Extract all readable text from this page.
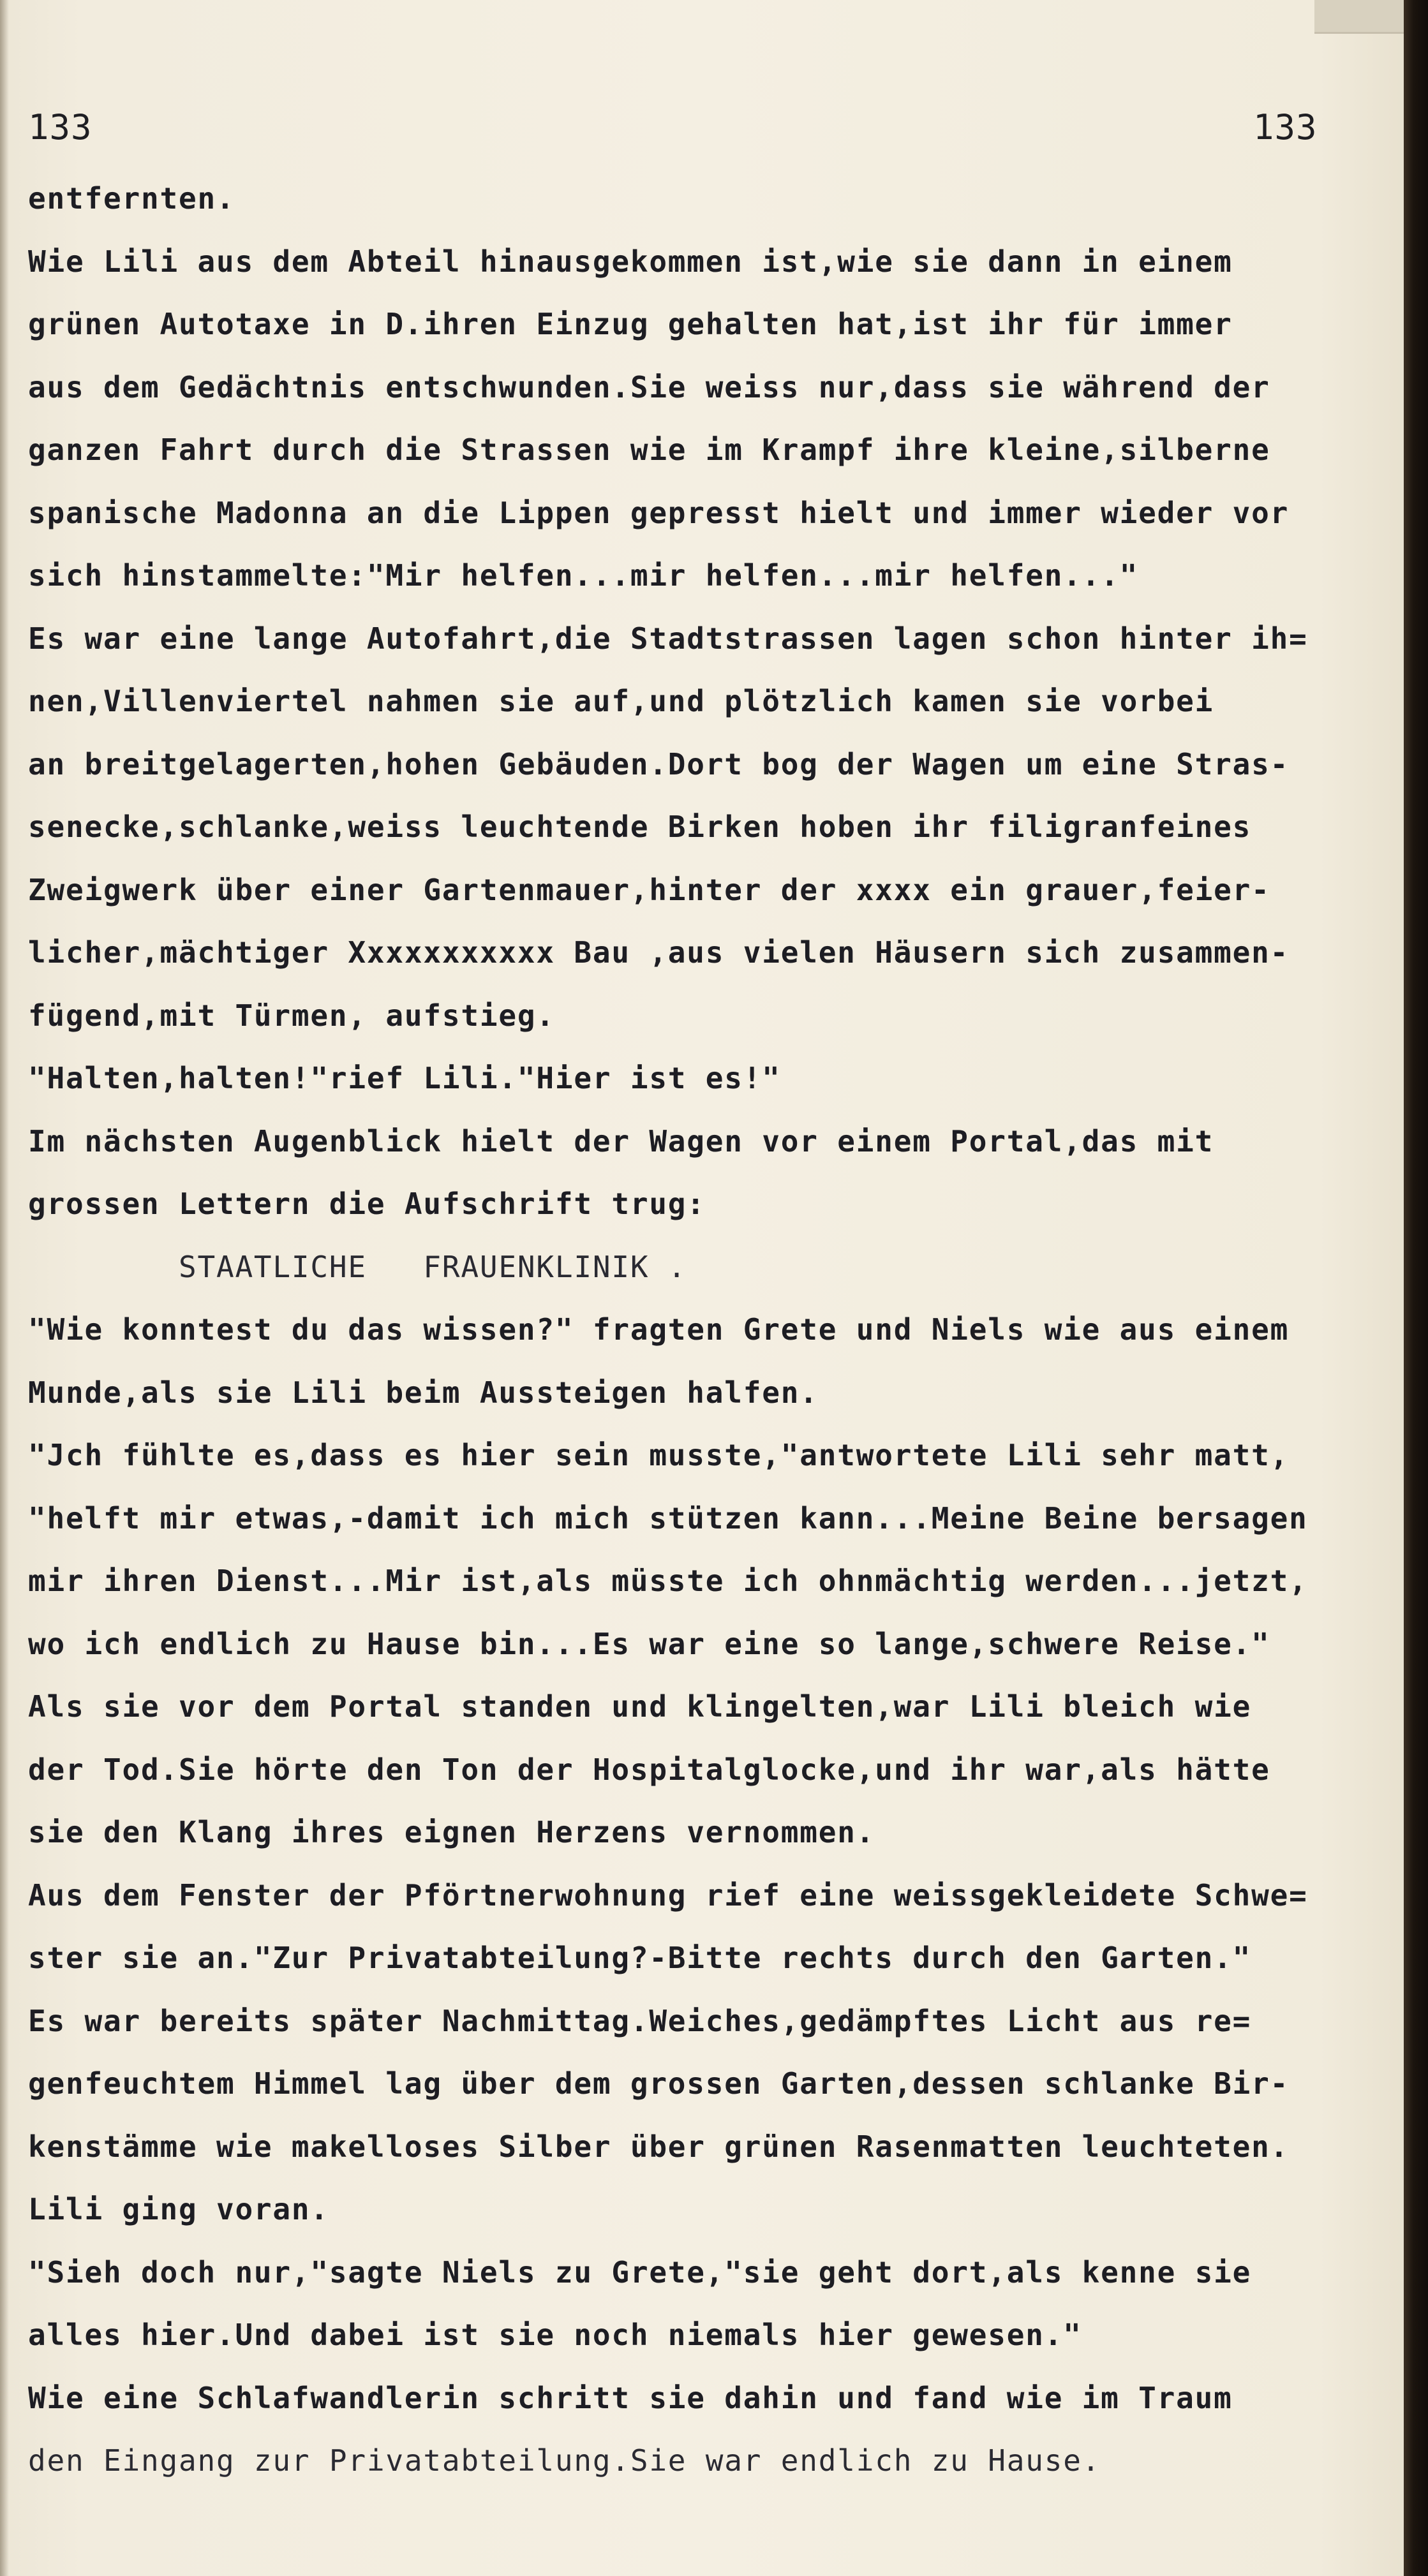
133	133
entfernten.
Wie Lili aus dem Abteil hinausgekommen ist,wie sie dann in einem
grünen Autotaxe in D.ihren Einzug gehalten hat,ist ihr für immer
aus dem Gedächtnis entschwunden.Sie weiss nur,dass sie während der
ganzen Fahrt durch die Strassen wie im Krampf ihre kleine,silberne
spanische Madonna an die Lippen gepresst hielt und immer wieder vor
sich hinstammelte:"Mir helfen...mir helfen...mir helfen..."
Es war eine lange Autofahrt,die Stadtstrassen lagen schon hinter ih=
nen,Villenviertel nahmen sie auf,und plötzlich kamen sie vorbei
an breitgelagerten,hohen Gebäuden.Dort bog der Wagen um eine Stras-
senecke,schlanke,weiss leuchtende Birken hoben ihr filigranfeines
Zweigwerk über einer Gartenmauer,hinter der xxxx ein grauer,feier-
licher,mächtiger Xxxxxxxxxxx Bau ,aus vielen Häusern sich zusammen-
fügend,mit Türmen, aufstieg.
"Halten,halten!"rief Lili."Hier ist es!"
Im nächsten Augenblick hielt der Wagen vor einem Portal,das mit
grossen Lettern die Aufschrift trug:
STAATLICHE   FRAUENKLINIK .
"Wie konntest du das wissen?" fragten Grete und Niels wie aus einem
Munde,als sie Lili beim Aussteigen halfen.
"Jch fühlte es,dass es hier sein musste,"antwortete Lili sehr matt,
"helft mir etwas,-damit ich mich stützen kann...Meine Beine bersagen
mir ihren Dienst...Mir ist,als müsste ich ohnmächtig werden...jetzt,
wo ich endlich zu Hause bin...Es war eine so lange,schwere Reise."
Als sie vor dem Portal standen und klingelten,war Lili bleich wie
der Tod.Sie hörte den Ton der Hospitalglocke,und ihr war,als hätte
sie den Klang ihres eignen Herzens vernommen.
Aus dem Fenster der Pförtnerwohnung rief eine weissgekleidete Schwe=
ster sie an."Zur Privatabteilung?-Bitte rechts durch den Garten."
Es war bereits später Nachmittag.Weiches,gedämpftes Licht aus re=
genfeuchtem Himmel lag über dem grossen Garten,dessen schlanke Bir-
kenstämme wie makelloses Silber über grünen Rasenmatten leuchteten.
Lili ging voran.
"Sieh doch nur,"sagte Niels zu Grete,"sie geht dort,als kenne sie
alles hier.Und dabei ist sie noch niemals hier gewesen."
Wie eine Schlafwandlerin schritt sie dahin und fand wie im Traum
den Eingang zur Privatabteilung.Sie war endlich zu Hause.
